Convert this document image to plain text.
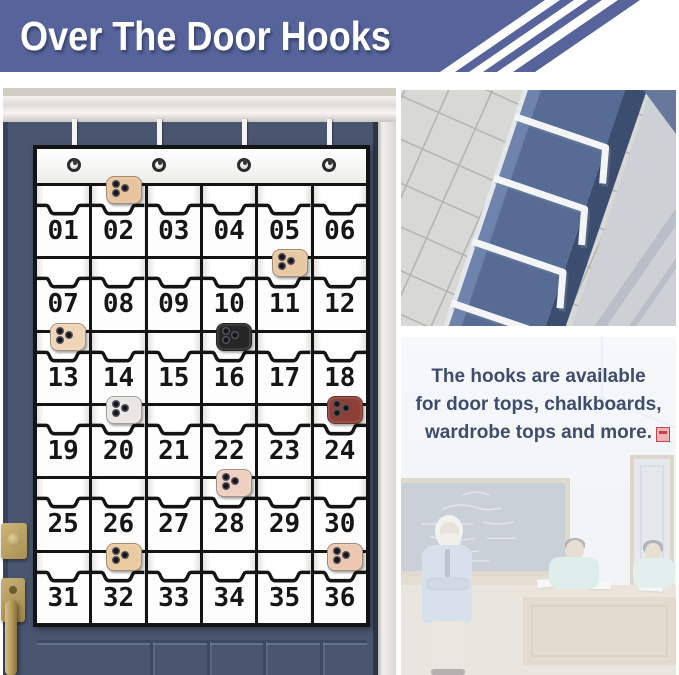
Over The Door Hooks
01 02 03 04 05 06
07 08 09 10 11 12
13 14 15 16 17 18
19 20 21 22 23 24
25 26 27 28 29 30
31 32 33 34 35 36
The hooks are available
for door tops, chalkboards,
wardrobe tops and more.
